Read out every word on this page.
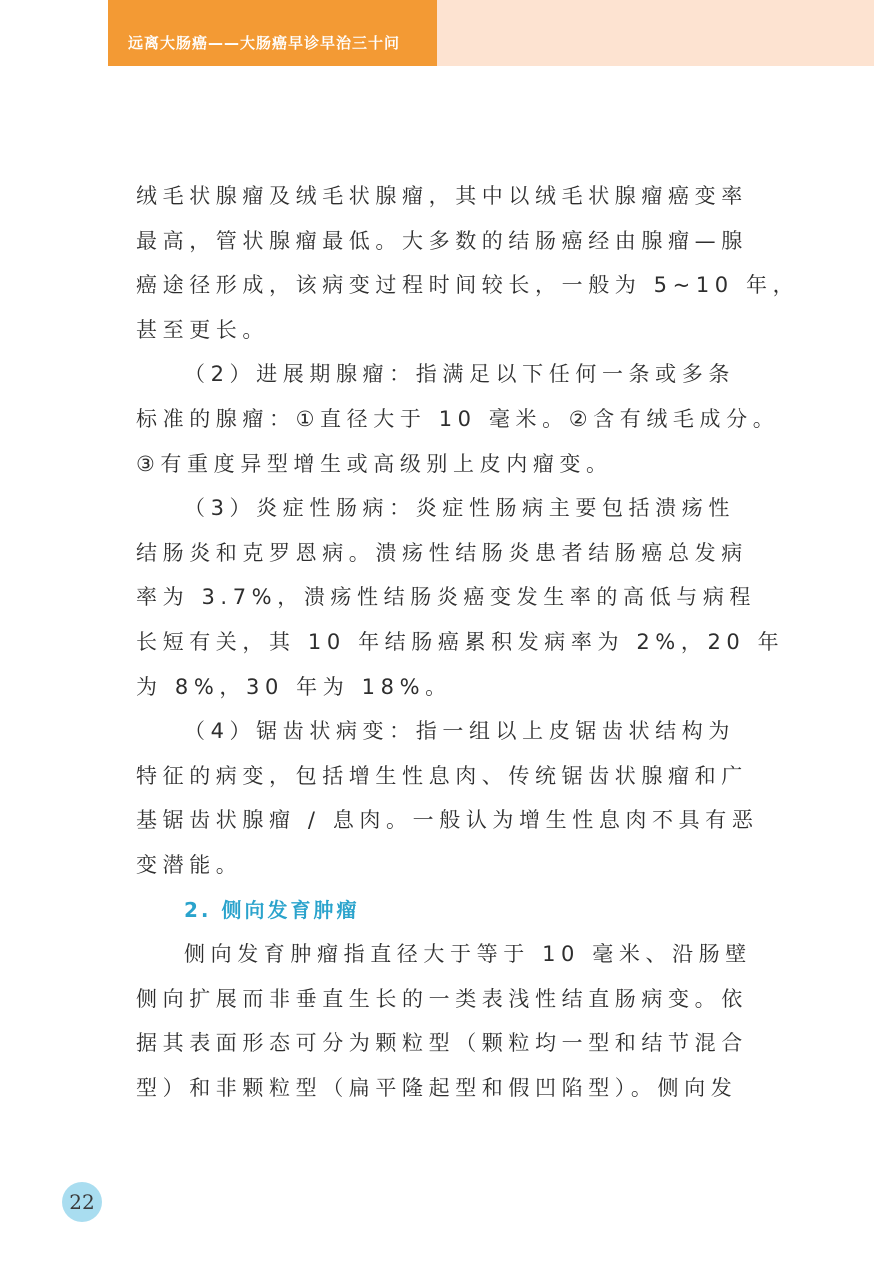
远离大肠癌——大肠癌早诊早治三十问

绒毛状腺瘤及绒毛状腺瘤，其中以绒毛状腺瘤癌变率
最高，管状腺瘤最低。大多数的结肠癌经由腺瘤—腺
癌途径形成，该病变过程时间较长，一般为 5~10 年，
甚至更长。

（2）进展期腺瘤：指满足以下任何一条或多条
标准的腺瘤：①直径大于 10 毫米。②含有绒毛成分。
③有重度异型增生或高级别上皮内瘤变。

（3）炎症性肠病：炎症性肠病主要包括溃疡性
结肠炎和克罗恩病。溃疡性结肠炎患者结肠癌总发病
率为 3.7%，溃疡性结肠炎癌变发生率的高低与病程
长短有关，其 10 年结肠癌累积发病率为 2%，20 年
为 8%，30 年为 18%。

（4）锯齿状病变：指一组以上皮锯齿状结构为
特征的病变，包括增生性息肉、传统锯齿状腺瘤和广
基锯齿状腺瘤 / 息肉。一般认为增生性息肉不具有恶
变潜能。

2. 侧向发育肿瘤

侧向发育肿瘤指直径大于等于 10 毫米、沿肠壁
侧向扩展而非垂直生长的一类表浅性结直肠病变。依
据其表面形态可分为颗粒型（颗粒均一型和结节混合
型）和非颗粒型（扁平隆起型和假凹陷型）。侧向发

22
